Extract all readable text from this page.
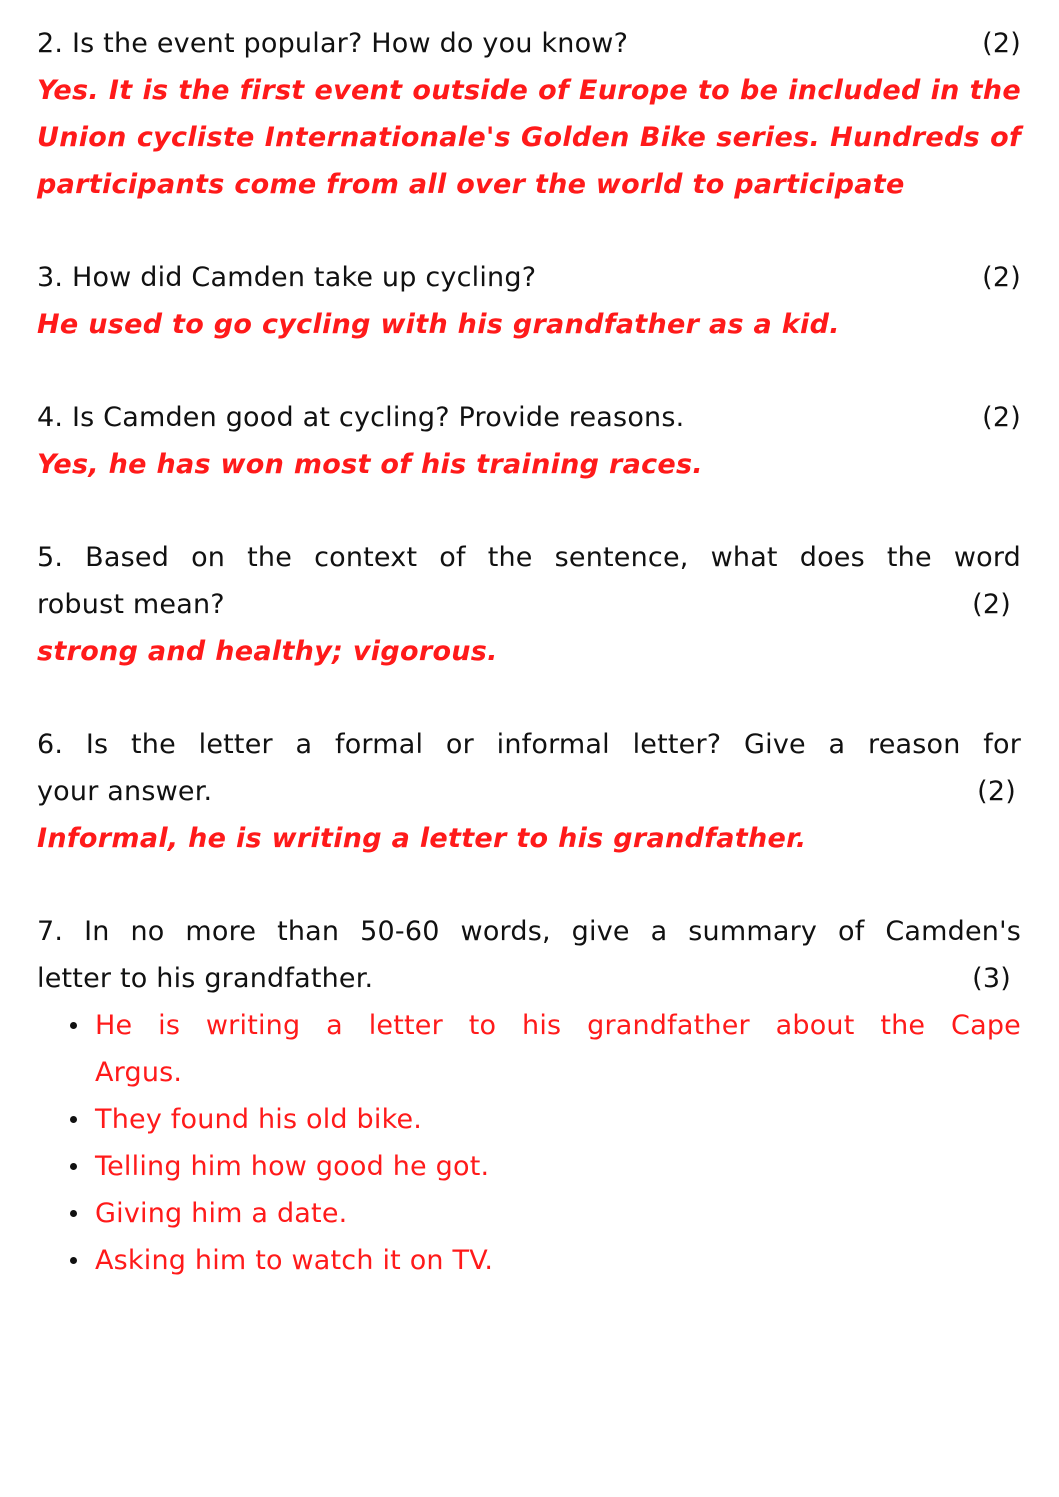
2. Is the event popular? How do you know?	(2)
Yes. It is the first event outside of Europe to be included in the
Union cycliste Internationale's Golden Bike series. Hundreds of
participants come from all over the world to participate
3. How did Camden take up cycling?	(2)
He used to go cycling with his grandfather as a kid.
4. Is Camden good at cycling? Provide reasons.	(2)
Yes, he has won most of his training races.
5. Based on the context of the sentence, what does the word
robust mean?	(2)
strong and healthy; vigorous.
6. Is the letter a formal or informal letter? Give a reason for
your answer.	(2)
Informal, he is writing a letter to his grandfather.
7. In no more than 50-60 words, give a summary of Camden's
letter to his grandfather.	(3)
He is writing a letter to his grandfather about the Cape
Argus.
They found his old bike.
Telling him how good he got.
Giving him a date.
Asking him to watch it on TV.
